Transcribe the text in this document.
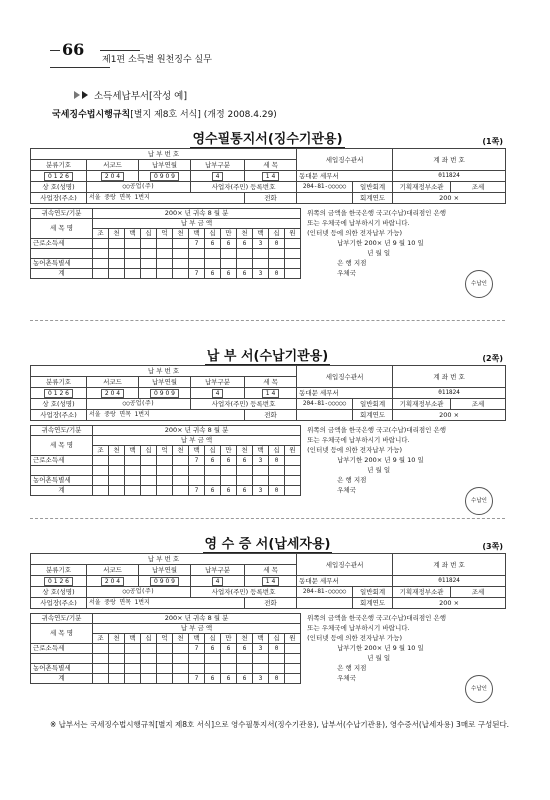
66
제1편 소득별 원천징수 실무
소득세납부서[작성 예]
국세징수법시행규칙[별지 제8호 서식] (개정 2008.4.29)
영수필통지서(징수기관용)	(1쪽)
납 부 번 호					세입징수관서		계 좌 번 호	
분류기호	서코드	납부연월	납부구분	세 목				
0 1 2 6	2 0 4	0 9 0 9	4	1 4	동대문 세무서		011824	
상 호(성명)	○○공업(주)		사업자(주민) 등록번호		204-81-○○○○○	일반회계	기획재정부소관	조세
사업장(주소)	서울 중랑 면목 1번지			전화		회계연도	200 ×	
귀속연도/기분	200× 년 귀속 8 월 분												
세 목 명	납 부 금 액												
	조	천	백	십	억	천	백	십	만	천	백	십	원
근로소득세							7	6	6	6	3	0	

농어촌특별세													
계							7	6	6	6	3	0	
위쪽의 금액을 한국은행 국고(수납)대리점인 은행
또는 우체국에 납부하시기 바랍니다.
(인터넷 등에 의한 전자납부 가능)
납부기한 200× 년 9 월 10 일
년 월 일
은 행 지점
우체국
수납인
납 부 서(수납기관용)	(2쪽)
납 부 번 호					세입징수관서		계 좌 번 호	
분류기호	서코드	납부연월	납부구분	세 목				
0 1 2 6	2 0 4	0 9 0 9	4	1 4	동대문 세무서		011824	
상 호(성명)	○○공업(주)		사업자(주민) 등록번호		204-81-○○○○○	일반회계	기획재정부소관	조세
사업장(주소)	서울 중랑 면목 1번지			전화		회계연도	200 ×	
귀속연도/기분	200× 년 귀속 8 월 분												
세 목 명	납 부 금 액												
	조	천	백	십	억	천	백	십	만	천	백	십	원
근로소득세							7	6	6	6	3	0	

농어촌특별세													
계							7	6	6	6	3	0	
위쪽의 금액을 한국은행 국고(수납)대리점인 은행
또는 우체국에 납부하시기 바랍니다.
(인터넷 등에 의한 전자납부 가능)
납부기한 200× 년 9 월 10 일
년 월 일
은 행 지점
우체국
수납인
영 수 증 서(납세자용)	(3쪽)
납 부 번 호					세입징수관서		계 좌 번 호	
분류기호	서코드	납부연월	납부구분	세 목				
0 1 2 6	2 0 4	0 9 0 9	4	1 4	동대문 세무서		011824	
상 호(성명)	○○공업(주)		사업자(주민) 등록번호		204-81-○○○○○	일반회계	기획재정부소관	조세
사업장(주소)	서울 중랑 면목 1번지			전화		회계연도	200 ×	
귀속연도/기분	200× 년 귀속 8 월 분												
세 목 명	납 부 금 액												
	조	천	백	십	억	천	백	십	만	천	백	십	원
근로소득세							7	6	6	6	3	0	

농어촌특별세													
계							7	6	6	6	3	0	
위쪽의 금액을 한국은행 국고(수납)대리점인 은행
또는 우체국에 납부하시기 바랍니다.
(인터넷 등에 의한 전자납부 가능)
납부기한 200× 년 9 월 10 일
년 월 일
은 행 지점
우체국
수납인
※ 납부서는 국세징수법시행규칙[별지 제8호 서식]으로 영수필통지서(징수기관용), 납부서(수납기관용), 영수증서(납세자용) 3매로 구성된다.
